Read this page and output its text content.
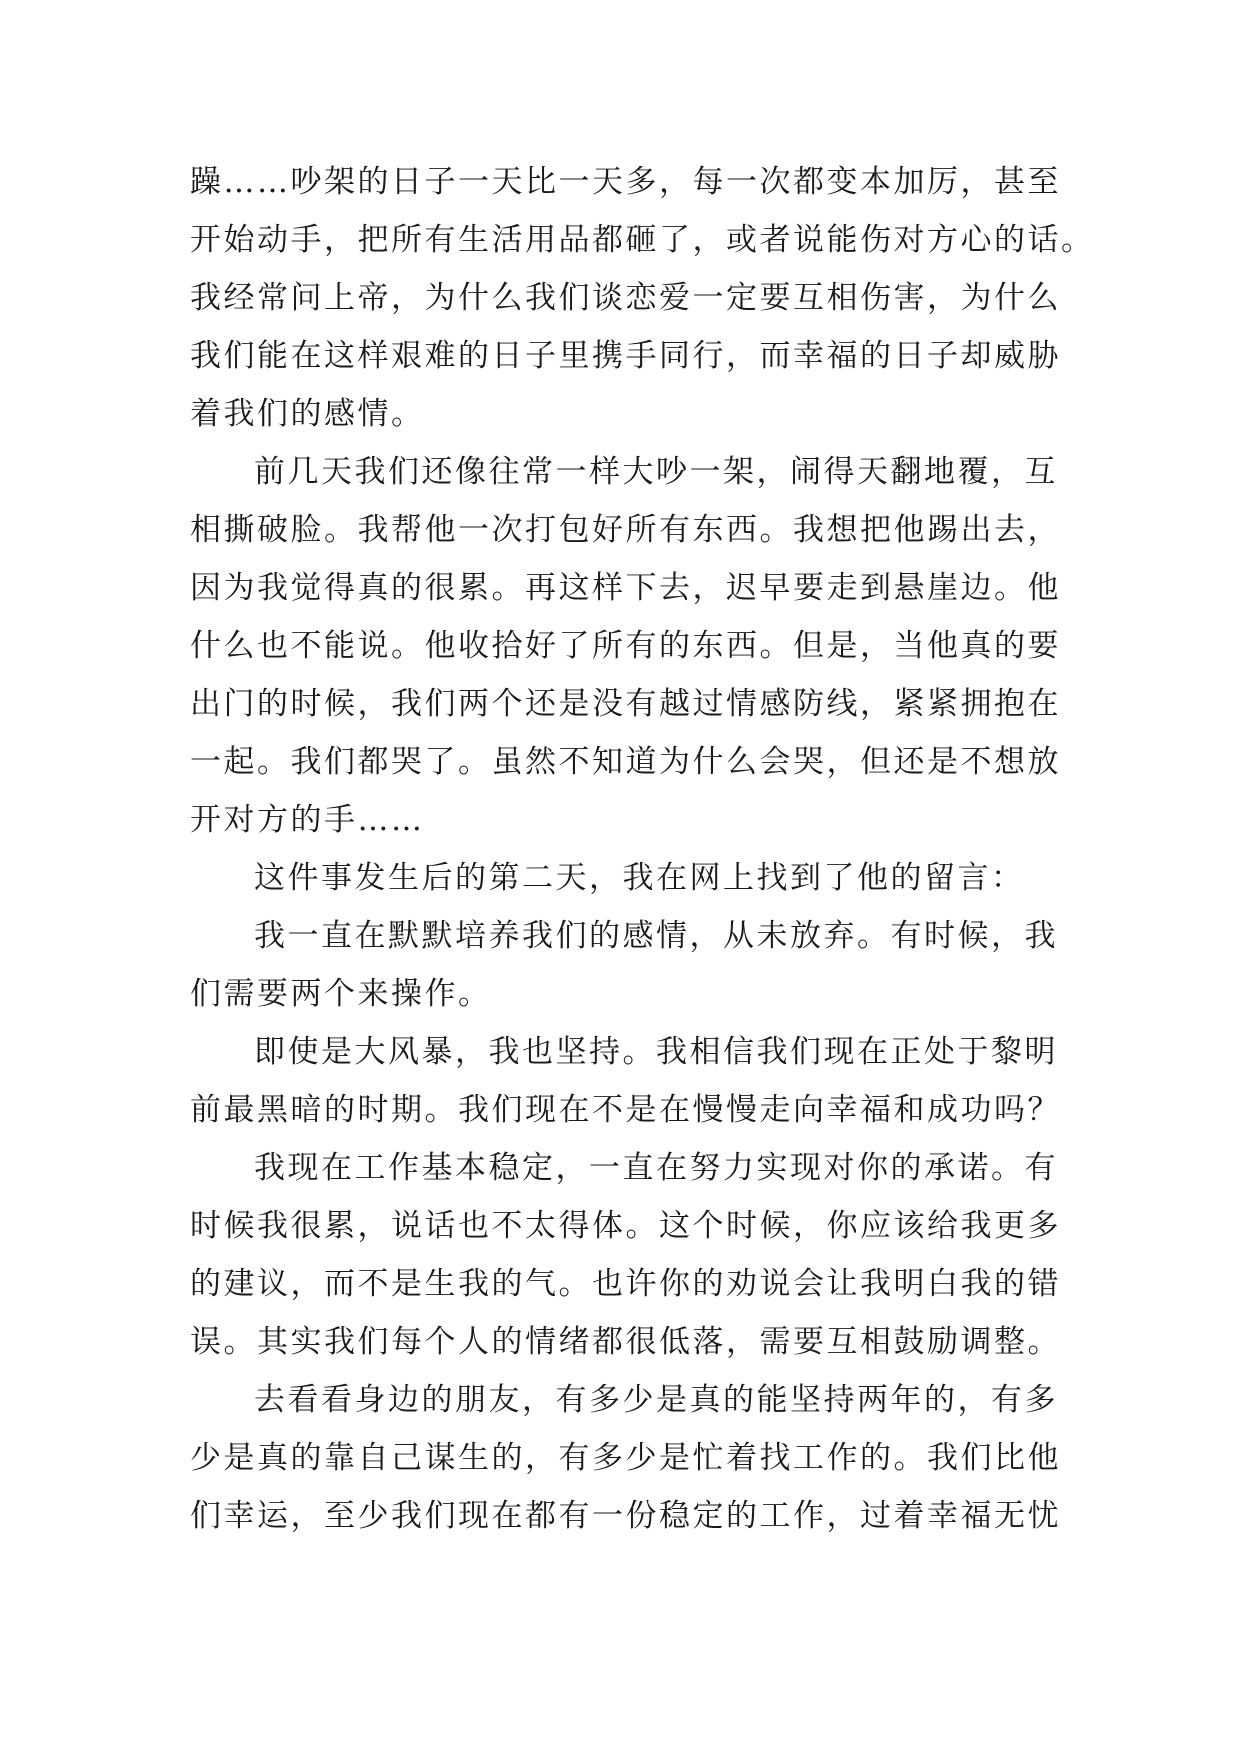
躁……吵架的日子一天比一天多，每一次都变本加厉，甚至
开始动手，把所有生活用品都砸了，或者说能伤对方心的话。
我经常问上帝，为什么我们谈恋爱一定要互相伤害，为什么
我们能在这样艰难的日子里携手同行，而幸福的日子却威胁
着我们的感情。
前几天我们还像往常一样大吵一架，闹得天翻地覆，互
相撕破脸。我帮他一次打包好所有东西。我想把他踢出去，
因为我觉得真的很累。再这样下去，迟早要走到悬崖边。他
什么也不能说。他收拾好了所有的东西。但是，当他真的要
出门的时候，我们两个还是没有越过情感防线，紧紧拥抱在
一起。我们都哭了。虽然不知道为什么会哭，但还是不想放
开对方的手……
这件事发生后的第二天，我在网上找到了他的留言：
我一直在默默培养我们的感情，从未放弃。有时候，我
们需要两个来操作。
即使是大风暴，我也坚持。我相信我们现在正处于黎明
前最黑暗的时期。我们现在不是在慢慢走向幸福和成功吗？
我现在工作基本稳定，一直在努力实现对你的承诺。有
时候我很累，说话也不太得体。这个时候，你应该给我更多
的建议，而不是生我的气。也许你的劝说会让我明白我的错
误。其实我们每个人的情绪都很低落，需要互相鼓励调整。
去看看身边的朋友，有多少是真的能坚持两年的，有多
少是真的靠自己谋生的，有多少是忙着找工作的。我们比他
们幸运，至少我们现在都有一份稳定的工作，过着幸福无忧
